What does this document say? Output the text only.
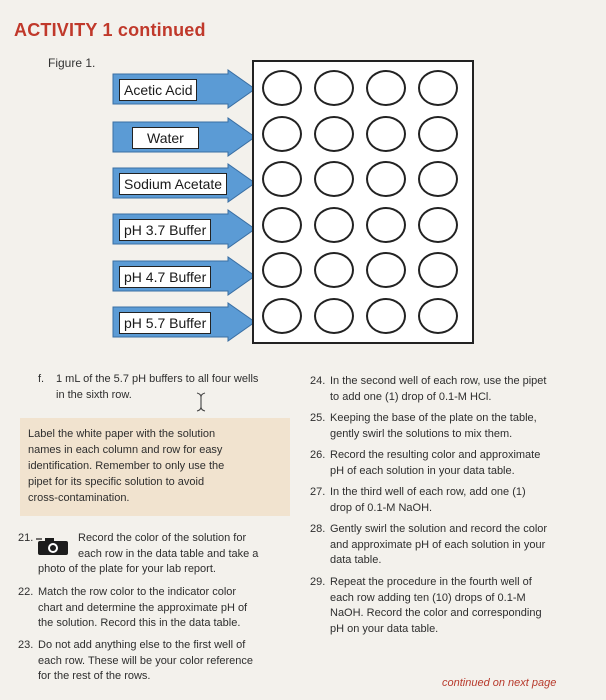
ACTIVITY 1 continued
Figure 1.
Acetic Acid
Water
Sodium Acetate
pH 3.7 Buffer
pH 4.7 Buffer
pH 5.7 Buffer
f. 1 mL of the 5.7 pH buffers to all four wells
in the sixth row.
Label the white paper with the solution
names in each column and row for easy
identification. Remember to only use the
pipet for its specific solution to avoid
cross-contamination.
21.	Record the color of the solution for
each row in the data table and take a
photo of the plate for your lab report.
22. Match the row color to the indicator color
chart and determine the approximate pH of
the solution. Record this in the data table.
23. Do not add anything else to the first well of
each row. These will be your color reference
for the rest of the rows.
24. In the second well of each row, use the pipet
to add one (1) drop of 0.1-M HCl.
25. Keeping the base of the plate on the table,
gently swirl the solutions to mix them.
26. Record the resulting color and approximate
pH of each solution in your data table.
27. In the third well of each row, add one (1)
drop of 0.1-M NaOH.
28. Gently swirl the solution and record the color
and approximate pH of each solution in your
data table.
29. Repeat the procedure in the fourth well of
each row adding ten (10) drops of 0.1-M
NaOH. Record the color and corresponding
pH on your data table.
continued on next page
